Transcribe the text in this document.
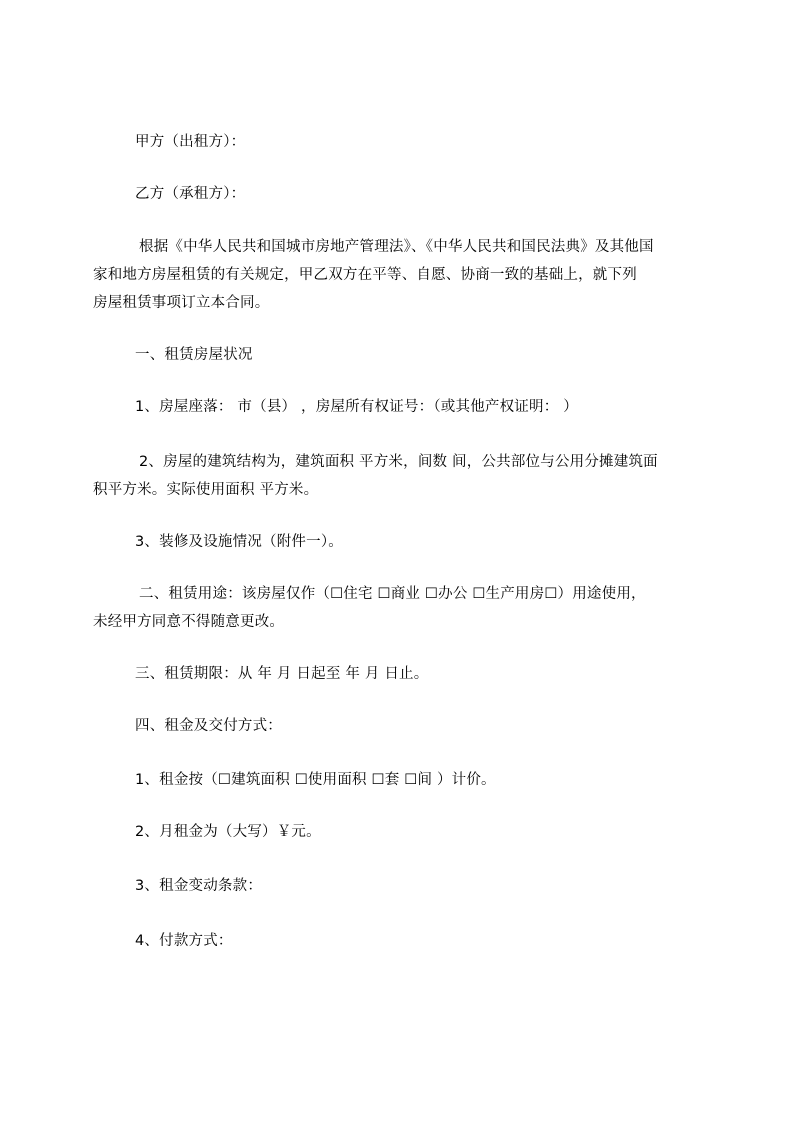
甲方（出租方）：
乙方（承租方）：
根据《中华人民共和国城市房地产管理法》、《中华人民共和国民法典》及其他国
家和地方房屋租赁的有关规定，甲乙双方在平等、自愿、协商一致的基础上，就下列
房屋租赁事项订立本合同。
一、租赁房屋状况
1、房屋座落： 市（县） ，房屋所有权证号：（或其他产权证明： ）
2、房屋的建筑结构为，建筑面积 平方米，间数 间，公共部位与公用分摊建筑面
积平方米。实际使用面积 平方米。
3、装修及设施情况（附件一）。
二、租赁用途：该房屋仅作（☐住宅 ☐商业 ☐办公 ☐生产用房☐）用途使用，
未经甲方同意不得随意更改。
三、租赁期限：从 年 月 日起至 年 月 日止。
四、租金及交付方式：
1、租金按（☐建筑面积 ☐使用面积 ☐套 ☐间 ）计价。
2、月租金为（大写）￥元。
3、租金变动条款：
4、付款方式：
